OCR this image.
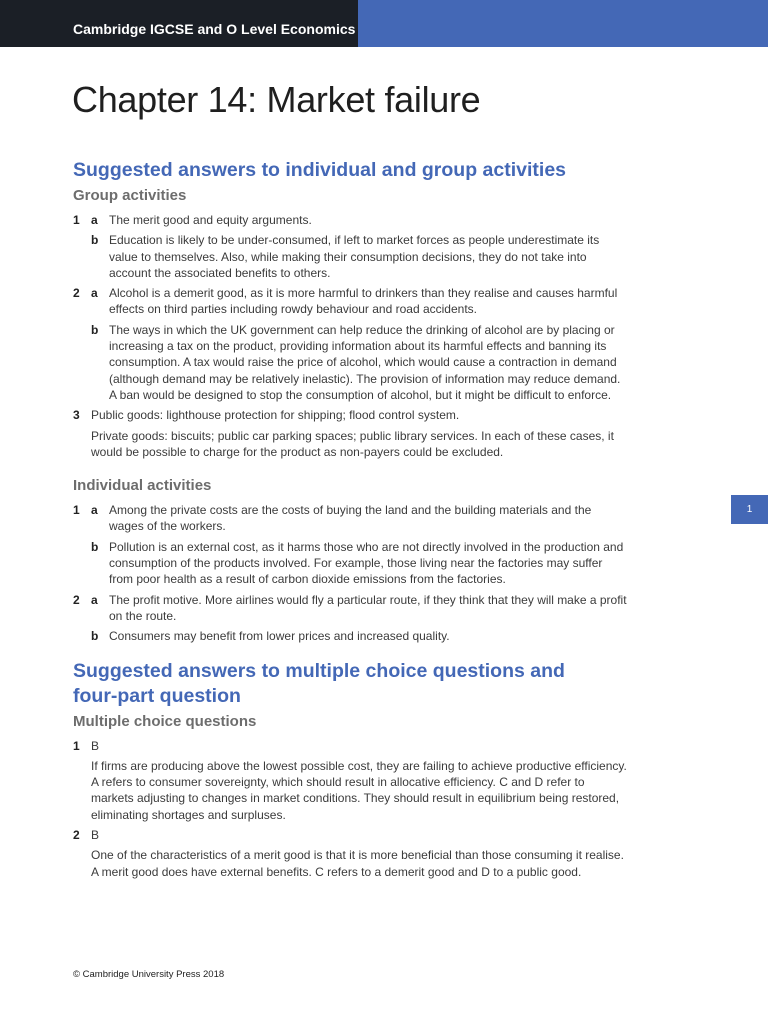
Cambridge IGCSE and O Level Economics
Chapter 14: Market failure
Suggested answers to individual and group activities
Group activities
1 a The merit good and equity arguments.
b Education is likely to be under-consumed, if left to market forces as people underestimate its value to themselves. Also, while making their consumption decisions, they do not take into account the associated benefits to others.
2 a Alcohol is a demerit good, as it is more harmful to drinkers than they realise and causes harmful effects on third parties including rowdy behaviour and road accidents.
b The ways in which the UK government can help reduce the drinking of alcohol are by placing or increasing a tax on the product, providing information about its harmful effects and banning its consumption. A tax would raise the price of alcohol, which would cause a contraction in demand (although demand may be relatively inelastic). The provision of information may reduce demand. A ban would be designed to stop the consumption of alcohol, but it might be difficult to enforce.
3 Public goods: lighthouse protection for shipping; flood control system.
Private goods: biscuits; public car parking spaces; public library services. In each of these cases, it would be possible to charge for the product as non-payers could be excluded.
Individual activities
1 a Among the private costs are the costs of buying the land and the building materials and the wages of the workers.
b Pollution is an external cost, as it harms those who are not directly involved in the production and consumption of the products involved. For example, those living near the factories may suffer from poor health as a result of carbon dioxide emissions from the factories.
2 a The profit motive. More airlines would fly a particular route, if they think that they will make a profit on the route.
b Consumers may benefit from lower prices and increased quality.
Suggested answers to multiple choice questions and
four-part question
Multiple choice questions
1 B
If firms are producing above the lowest possible cost, they are failing to achieve productive efficiency. A refers to consumer sovereignty, which should result in allocative efficiency. C and D refer to markets adjusting to changes in market conditions. They should result in equilibrium being restored, eliminating shortages and surpluses.
2 B
One of the characteristics of a merit good is that it is more beneficial than those consuming it realise. A merit good does have external benefits. C refers to a demerit good and D to a public good.
1
© Cambridge University Press 2018
